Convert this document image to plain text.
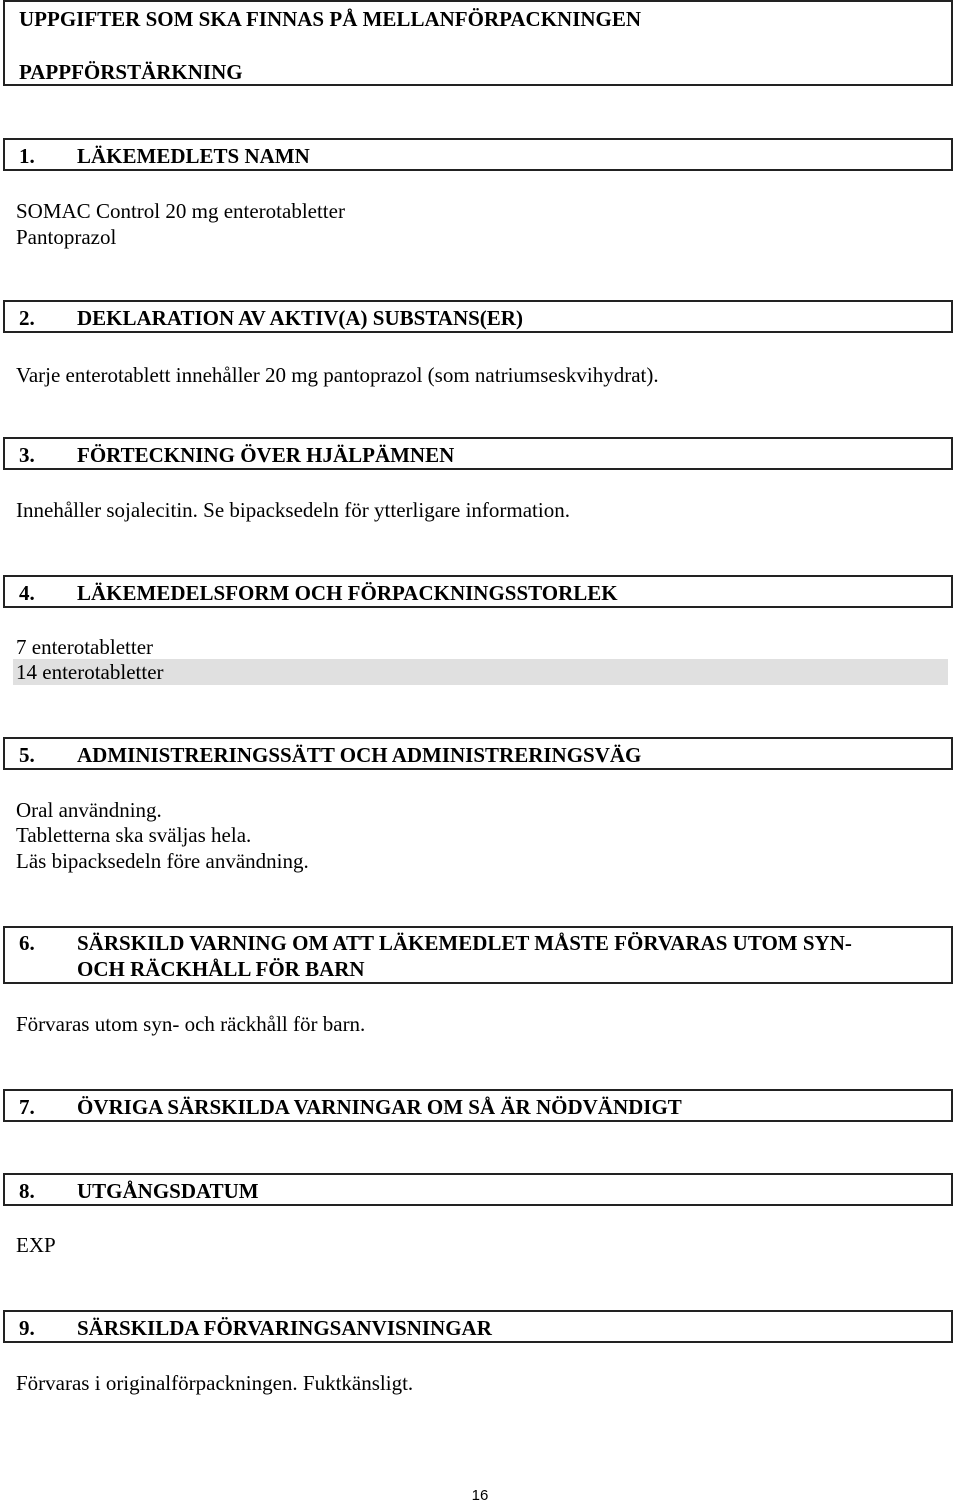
UPPGIFTER SOM SKA FINNAS PÅ MELLANFÖRPACKNINGEN
PAPPFÖRSTÄRKNING
1.	LÄKEMEDLETS NAMN
SOMAC Control 20 mg enterotabletter
Pantoprazol
2.	DEKLARATION AV AKTIV(A) SUBSTANS(ER)
Varje enterotablett innehåller 20 mg pantoprazol (som natriumseskvihydrat).
3.	FÖRTECKNING ÖVER HJÄLPÄMNEN
Innehåller sojalecitin. Se bipacksedeln för ytterligare information.
4.	LÄKEMEDELSFORM OCH FÖRPACKNINGSSTORLEK
7 enterotabletter
14 enterotabletter
5.	ADMINISTRERINGSSÄTT OCH ADMINISTRERINGSVÄG
Oral användning.
Tabletterna ska sväljas hela.
Läs bipacksedeln före användning.
6.	SÄRSKILD VARNING OM ATT LÄKEMEDLET MÅSTE FÖRVARAS UTOM SYN-
OCH RÄCKHÅLL FÖR BARN
Förvaras utom syn- och räckhåll för barn.
7.	ÖVRIGA SÄRSKILDA VARNINGAR OM SÅ ÄR NÖDVÄNDIGT
8.	UTGÅNGSDATUM
EXP
9.	SÄRSKILDA FÖRVARINGSANVISNINGAR
Förvaras i originalförpackningen. Fuktkänsligt.
16
